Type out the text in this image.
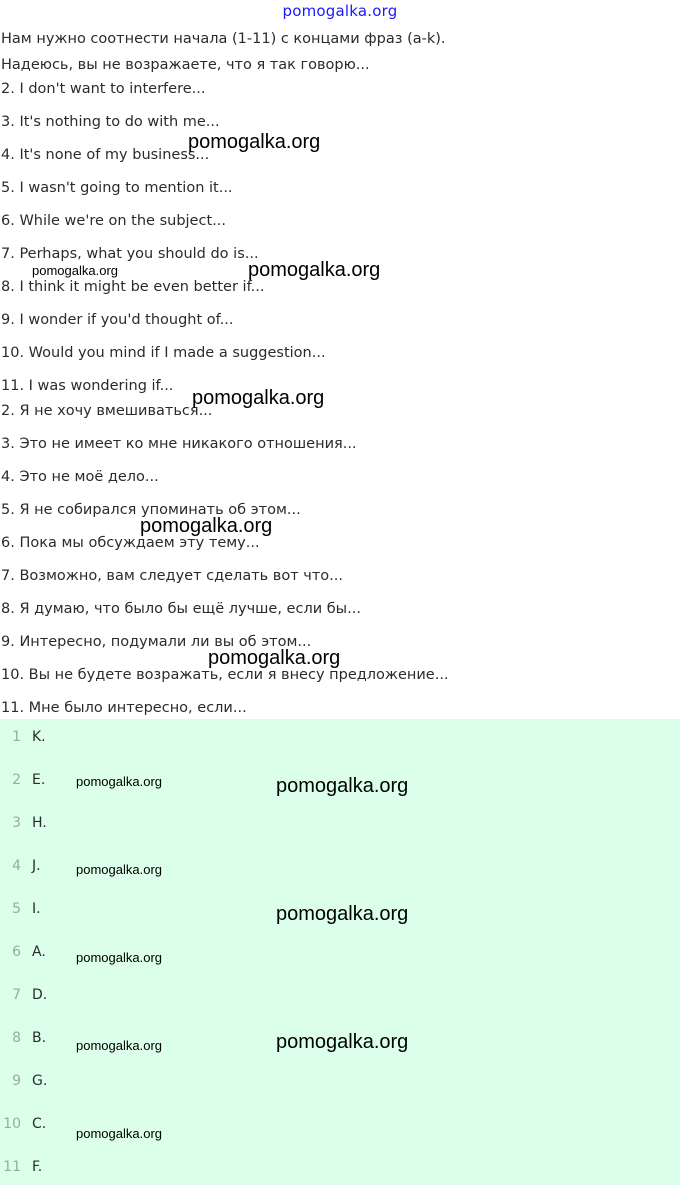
pomogalka.org
Нам нужно соотнести начала (1-11) с концами фраз (a-k).
Надеюсь, вы не возражаете, что я так говорю...
2. I don't want to interfere...
3. It's nothing to do with me...
4. It's none of my business...
5. I wasn't going to mention it...
6. While we're on the subject...
7. Perhaps, what you should do is...
8. I think it might be even better if...
9. I wonder if you'd thought of...
10. Would you mind if I made a suggestion...
11. I was wondering if...
2. Я не хочу вмешиваться...
3. Это не имеет ко мне никакого отношения...
4. Это не моё дело...
5. Я не собирался упоминать об этом...
6. Пока мы обсуждаем эту тему...
7. Возможно, вам следует сделать вот что...
8. Я думаю, что было бы ещё лучше, если бы...
9. Интересно, подумали ли вы об этом...
10. Вы не будете возражать, если я внесу предложение...
11. Мне было интересно, если...
1 K.
2 E.
3 H.
4 J.
5 I.
6 A.
7 D.
8 B.
9 G.
10 C.
11 F.
pomogalka.org
pomogalka.org	pomogalka.org
pomogalka.org
pomogalka.org
pomogalka.org
pomogalka.org	pomogalka.org
pomogalka.org
pomogalka.org
pomogalka.org
pomogalka.org	pomogalka.org
pomogalka.org
